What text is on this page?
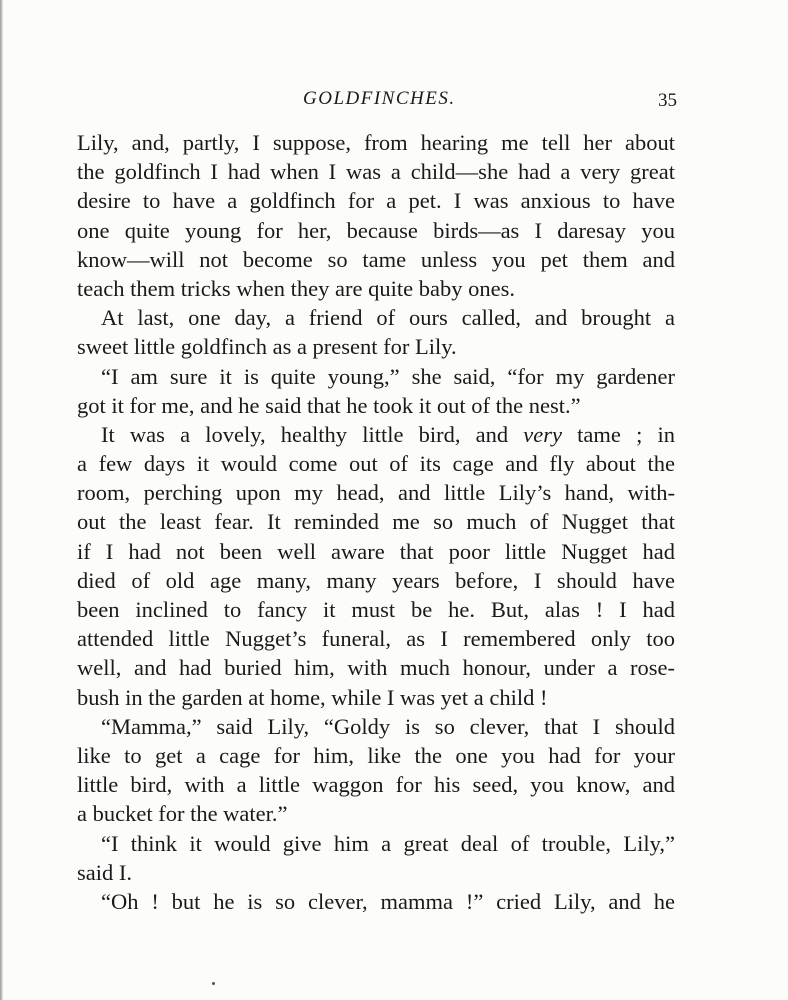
GOLDFINCHES.	35
Lily, and, partly, I suppose, from hearing me tell her about
the goldfinch I had when I was a child—she had a very great
desire to have a goldfinch for a pet. I was anxious to have
one quite young for her, because birds—as I daresay you
know—will not become so tame unless you pet them and
teach them tricks when they are quite baby ones.
At last, one day, a friend of ours called, and brought a
sweet little goldfinch as a present for Lily.
“I am sure it is quite young,” she said, “for my gardener
got it for me, and he said that he took it out of the nest.”
It was a lovely, healthy little bird, and very tame ; in
a few days it would come out of its cage and fly about the
room, perching upon my head, and little Lily’s hand, with-
out the least fear. It reminded me so much of Nugget that
if I had not been well aware that poor little Nugget had
died of old age many, many years before, I should have
been inclined to fancy it must be he. But, alas ! I had
attended little Nugget’s funeral, as I remembered only too
well, and had buried him, with much honour, under a rose-
bush in the garden at home, while I was yet a child !
“Mamma,” said Lily, “Goldy is so clever, that I should
like to get a cage for him, like the one you had for your
little bird, with a little waggon for his seed, you know, and
a bucket for the water.”
“I think it would give him a great deal of trouble, Lily,”
said I.
“Oh ! but he is so clever, mamma !” cried Lily, and he
